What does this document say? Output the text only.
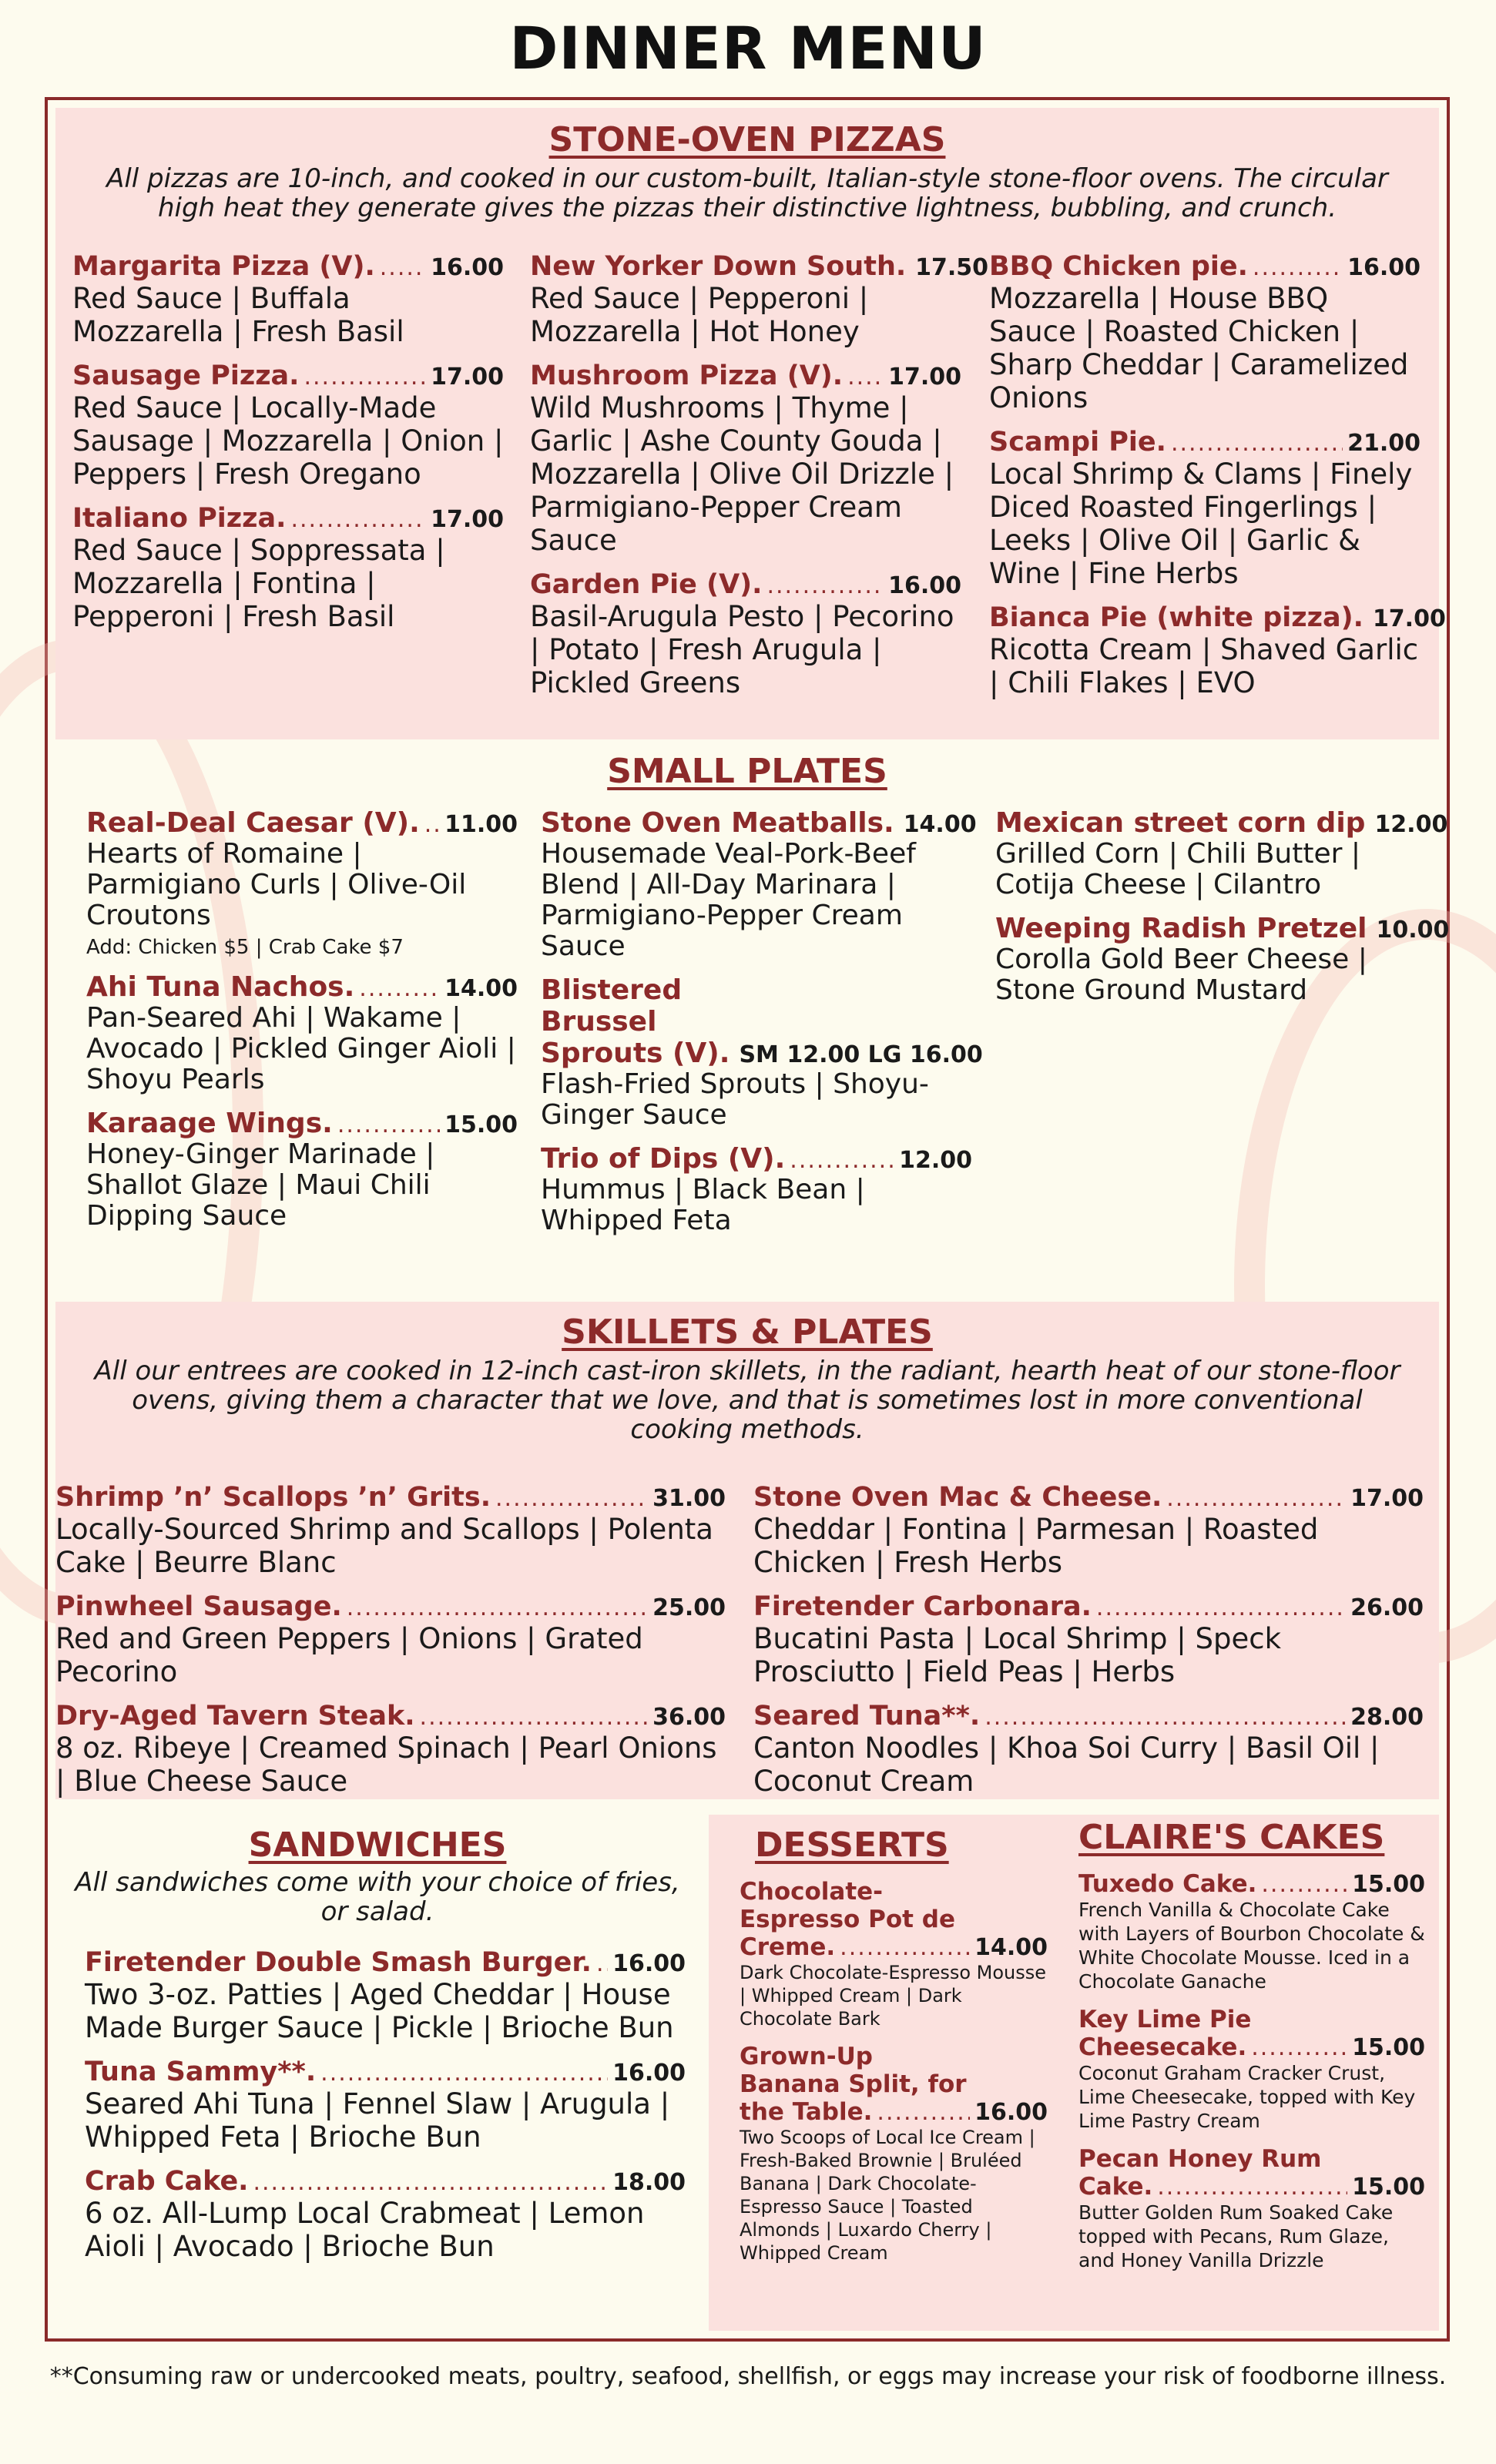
DINNER MENU
STONE-OVEN PIZZAS

All pizzas are 10-inch, and cooked in our custom-built, Italian-style stone-floor ovens. The circular high heat they generate gives the pizzas their distinctive lightness, bubbling, and crunch.

Margarita Pizza (V). ..... 16.00
Red Sauce | Buffala Mozzarella | Fresh Basil
Sausage Pizza. .....	17.00
Red Sauce | Locally-Made Sausage | Mozzarella | Onion | Peppers | Fresh Oregano
Italiano Pizza. .....	17.00
Red Sauce | Soppressata | Mozzarella | Fontina | Pepperoni | Fresh Basil
New Yorker Down South. 17.50
Red Sauce | Pepperoni | Mozzarella | Hot Honey
Mushroom Pizza (V). ..... 17.00
Wild Mushrooms | Thyme | Garlic | Ashe County Gouda | Mozzarella | Olive Oil Drizzle | Parmigiano-Pepper Cream Sauce
Garden Pie (V). .....	16.00
Basil-Arugula Pesto | Pecorino | Potato | Fresh Arugula | Pickled Greens
BBQ Chicken pie. .....	16.00
Mozzarella | House BBQ Sauce | Roasted Chicken | Sharp Cheddar | Caramelized Onions
Scampi Pie. .....	21.00
Local Shrimp & Clams | Finely Diced Roasted Fingerlings | Leeks | Olive Oil | Garlic & Wine | Fine Herbs
Bianca Pie (white pizza). 17.00
Ricotta Cream | Shaved Garlic | Chili Flakes | EVO
SMALL PLATES
Real-Deal Caesar (V). ..... 11.00
Hearts of Romaine | Parmigiano Curls | Olive-Oil Croutons
Add: Chicken $5 | Crab Cake $7
Ahi Tuna Nachos. .....	14.00
Pan-Seared Ahi | Wakame | Avocado | Pickled Ginger Aioli | Shoyu Pearls
Karaage Wings. .....	15.00
Honey-Ginger Marinade | Shallot Glaze | Maui Chili Dipping Sauce
Stone Oven Meatballs. 14.00
Housemade Veal-Pork-Beef Blend | All-Day Marinara | Parmigiano-Pepper Cream Sauce
Blistered
Brussel
Sprouts (V). SM 12.00 LG 16.00
Flash-Fried Sprouts | Shoyu-Ginger Sauce
Trio of Dips (V). .....	12.00
Hummus | Black Bean | Whipped Feta
Mexican street corn dip 12.00
Grilled Corn | Chili Butter | Cotija Cheese | Cilantro
Weeping Radish Pretzel 10.00
Corolla Gold Beer Cheese | Stone Ground Mustard
SKILLETS & PLATES

All our entrees are cooked in 12-inch cast-iron skillets, in the radiant, hearth heat of our stone-floor ovens, giving them a character that we love, and that is sometimes lost in more conventional cooking methods.

Shrimp ’n’ Scallops ’n’ Grits. .....	31.00
Locally-Sourced Shrimp and Scallops | Polenta Cake | Beurre Blanc
Pinwheel Sausage. .....	25.00
Red and Green Peppers | Onions | Grated Pecorino
Dry-Aged Tavern Steak. .....	36.00
8 oz. Ribeye | Creamed Spinach | Pearl Onions | Blue Cheese Sauce
Stone Oven Mac & Cheese. .....	17.00
Cheddar | Fontina | Parmesan | Roasted Chicken | Fresh Herbs
Firetender Carbonara. .....	26.00
Bucatini Pasta | Local Shrimp | Speck Prosciutto | Field Peas | Herbs
Seared Tuna**. .....	28.00
Canton Noodles | Khoa Soi Curry | Basil Oil | Coconut Cream
SANDWICHES

All sandwiches come with your choice of fries, or salad.

Firetender Double Smash Burger. ..... 16.00
Two 3-oz. Patties | Aged Cheddar | House Made Burger Sauce | Pickle | Brioche Bun
Tuna Sammy**. .....	16.00
Seared Ahi Tuna | Fennel Slaw | Arugula | Whipped Feta | Brioche Bun
Crab Cake. .....	18.00
6 oz. All-Lump Local Crabmeat | Lemon Aioli | Avocado | Brioche Bun
DESSERTS	CLAIRE'S CAKES
Chocolate-
Espresso Pot de
Creme. .....	14.00
Dark Chocolate-Espresso Mousse | Whipped Cream | Dark Chocolate Bark
Grown-Up
Banana Split, for
the Table. .....	16.00
Two Scoops of Local Ice Cream | Fresh-Baked Brownie | Bruléed Banana | Dark Chocolate-Espresso Sauce | Toasted Almonds | Luxardo Cherry | Whipped Cream
Tuxedo Cake. .....	15.00
French Vanilla & Chocolate Cake with Layers of Bourbon Chocolate & White Chocolate Mousse. Iced in a Chocolate Ganache
Key Lime Pie
Cheesecake. .....	15.00
Coconut Graham Cracker Crust, Lime Cheesecake, topped with Key Lime Pastry Cream
Pecan Honey Rum
Cake. .....	15.00
Butter Golden Rum Soaked Cake topped with Pecans, Rum Glaze, and Honey Vanilla Drizzle
**Consuming raw or undercooked meats, poultry, seafood, shellfish, or eggs may increase your risk of foodborne illness.
